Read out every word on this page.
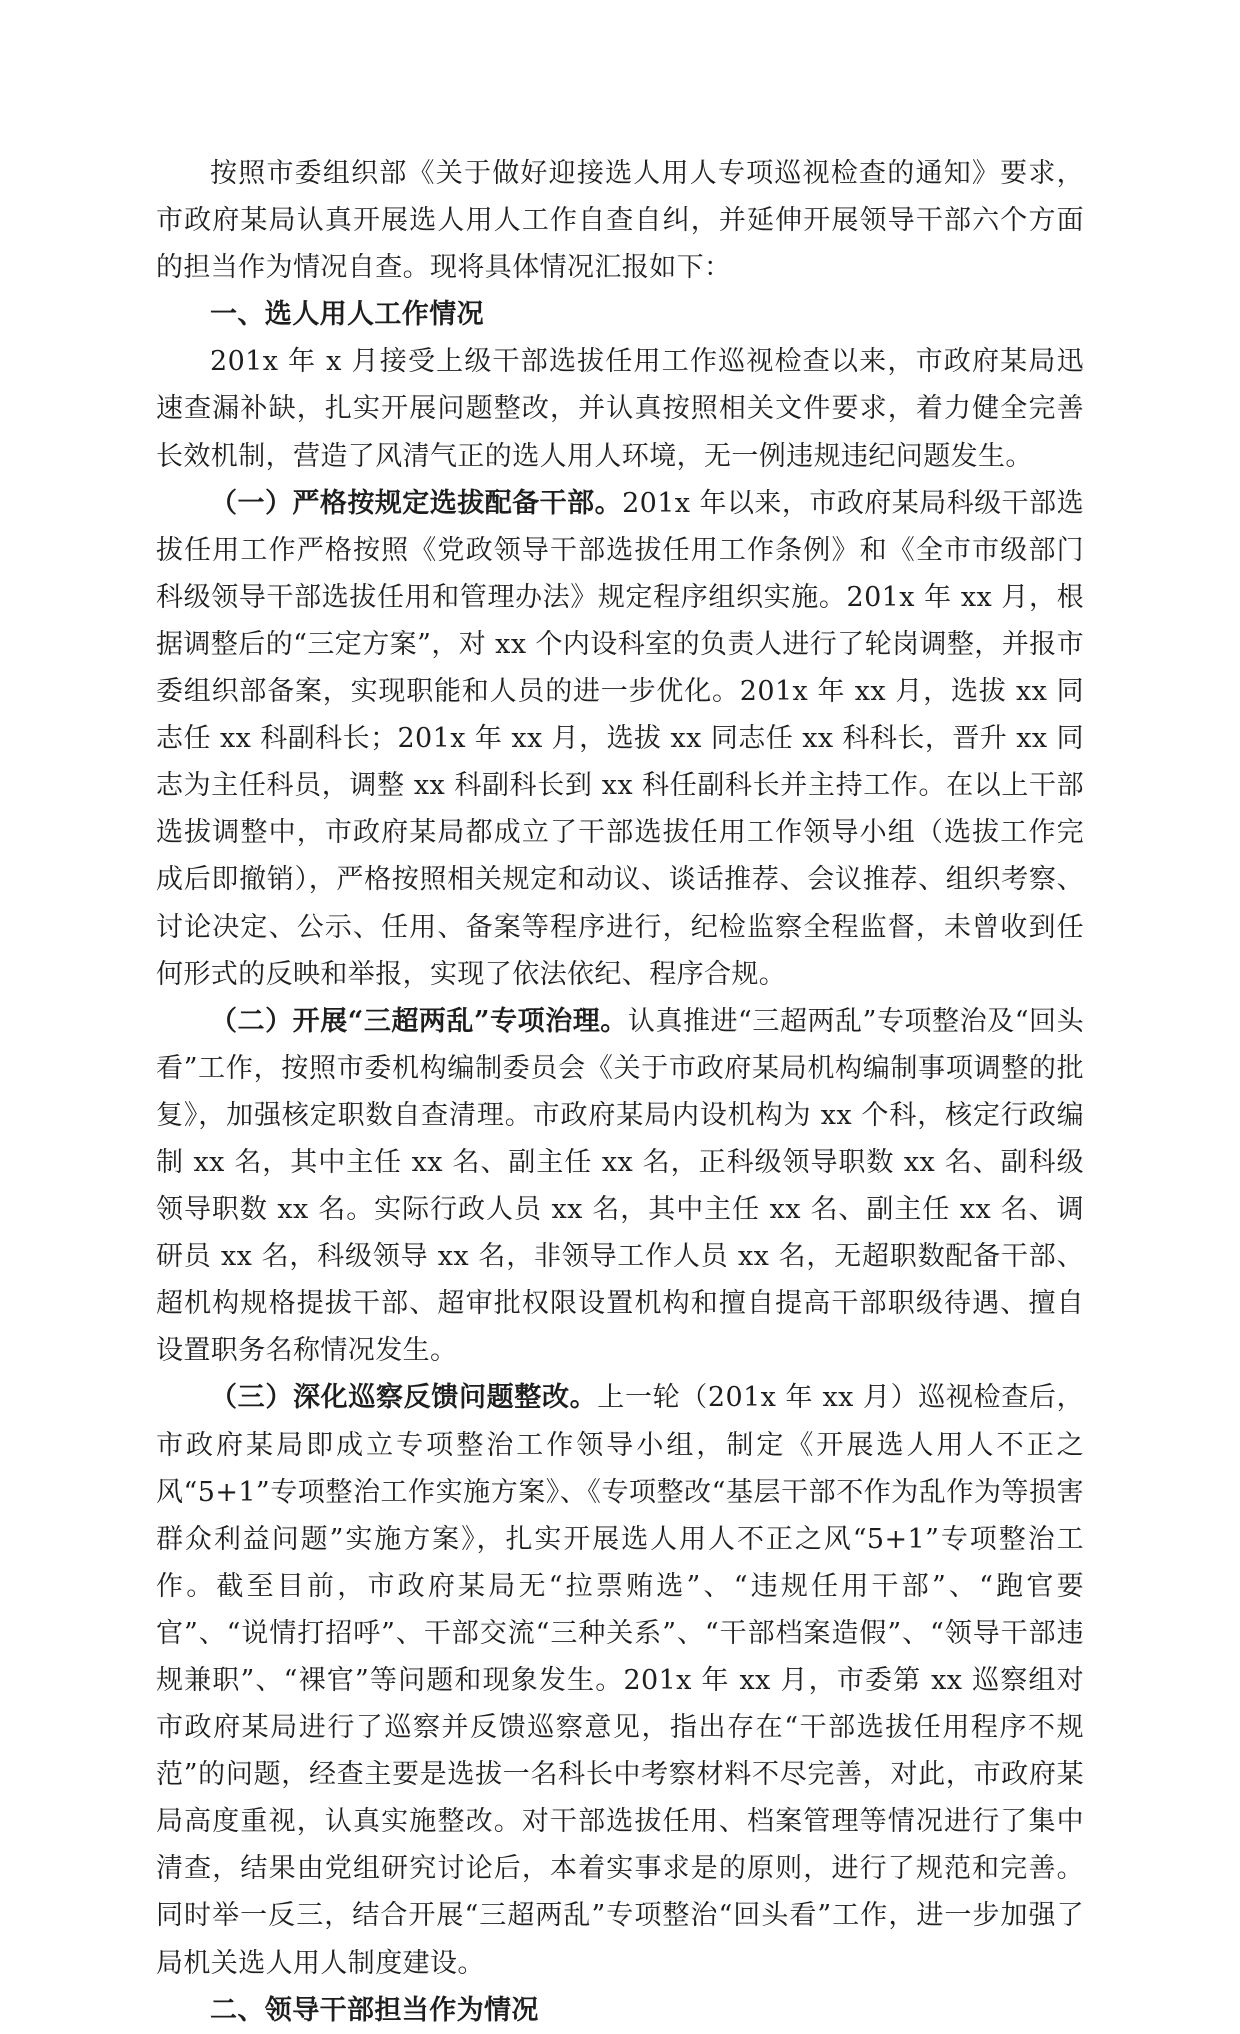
按照市委组织部《关于做好迎接选人用人专项巡视检查的通知》要求，市政府某局认真开展选人用人工作自查自纠，并延伸开展领导干部六个方面的担当作为情况自查。现将具体情况汇报如下：

一、选人用人工作情况

201x 年 x 月接受上级干部选拔任用工作巡视检查以来，市政府某局迅速查漏补缺，扎实开展问题整改，并认真按照相关文件要求，着力健全完善长效机制，营造了风清气正的选人用人环境，无一例违规违纪问题发生。

（一）严格按规定选拔配备干部。201x 年以来，市政府某局科级干部选拔任用工作严格按照《党政领导干部选拔任用工作条例》和《全市市级部门科级领导干部选拔任用和管理办法》规定程序组织实施。201x 年 xx 月，根据调整后的“三定方案”，对 xx 个内设科室的负责人进行了轮岗调整，并报市委组织部备案，实现职能和人员的进一步优化。201x 年 xx 月，选拔 xx 同志任 xx 科副科长；201x 年 xx 月，选拔 xx 同志任 xx 科科长，晋升 xx 同志为主任科员，调整 xx 科副科长到 xx 科任副科长并主持工作。在以上干部选拔调整中，市政府某局都成立了干部选拔任用工作领导小组（选拔工作完成后即撤销），严格按照相关规定和动议、谈话推荐、会议推荐、组织考察、讨论决定、公示、任用、备案等程序进行，纪检监察全程监督，未曾收到任何形式的反映和举报，实现了依法依纪、程序合规。

（二）开展“三超两乱”专项治理。认真推进“三超两乱”专项整治及“回头看”工作，按照市委机构编制委员会《关于市政府某局机构编制事项调整的批复》，加强核定职数自查清理。市政府某局内设机构为 xx 个科，核定行政编制 xx 名，其中主任 xx 名、副主任 xx 名，正科级领导职数 xx 名、副科级领导职数 xx 名。实际行政人员 xx 名，其中主任 xx 名、副主任 xx 名、调研员 xx 名，科级领导 xx 名，非领导工作人员 xx 名，无超职数配备干部、超机构规格提拔干部、超审批权限设置机构和擅自提高干部职级待遇、擅自设置职务名称情况发生。

（三）深化巡察反馈问题整改。上一轮（201x 年 xx 月）巡视检查后，市政府某局即成立专项整治工作领导小组，制定《开展选人用人不正之风“5+1”专项整治工作实施方案》、《专项整改“基层干部不作为乱作为等损害群众利益问题”实施方案》，扎实开展选人用人不正之风“5+1”专项整治工作。截至目前，市政府某局无“拉票贿选”、“违规任用干部”、“跑官要官”、“说情打招呼”、干部交流“三种关系”、“干部档案造假”、“领导干部违规兼职”、“裸官”等问题和现象发生。201x 年 xx 月，市委第 xx 巡察组对市政府某局进行了巡察并反馈巡察意见，指出存在“干部选拔任用程序不规范”的问题，经查主要是选拔一名科长中考察材料不尽完善，对此，市政府某局高度重视，认真实施整改。对干部选拔任用、档案管理等情况进行了集中清查，结果由党组研究讨论后，本着实事求是的原则，进行了规范和完善。同时举一反三，结合开展“三超两乱”专项整治“回头看”工作，进一步加强了局机关选人用人制度建设。

二、领导干部担当作为情况
